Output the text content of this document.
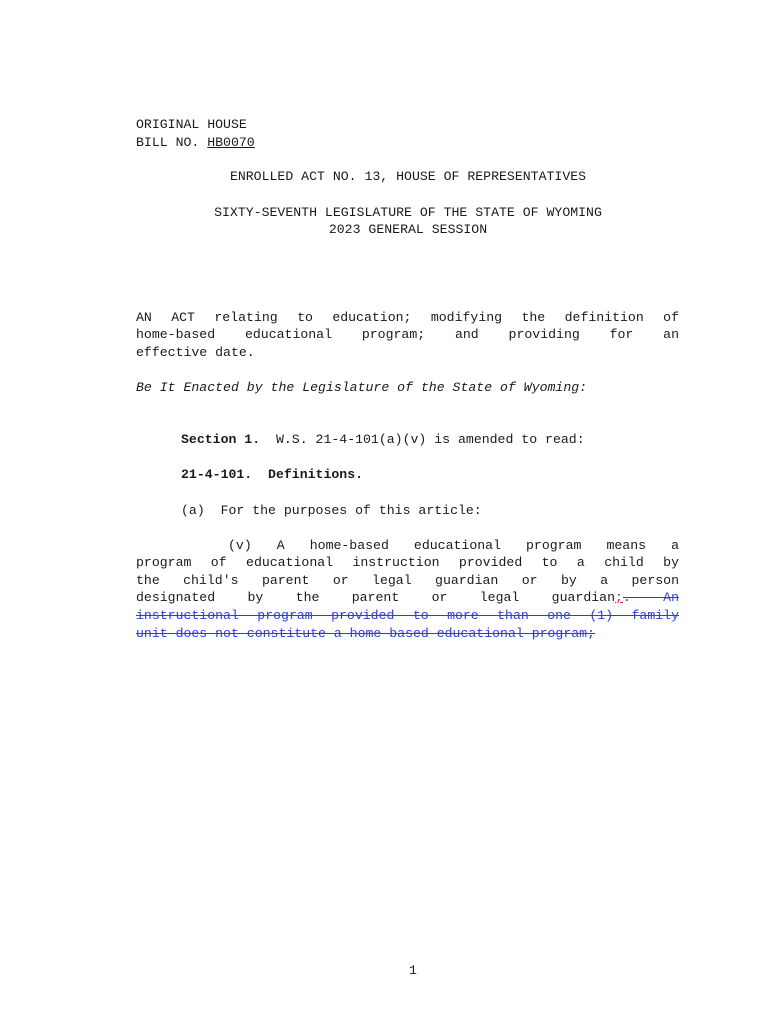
ORIGINAL HOUSE
BILL NO. HB0070
ENROLLED ACT NO. 13, HOUSE OF REPRESENTATIVES
SIXTY-SEVENTH LEGISLATURE OF THE STATE OF WYOMING
2023 GENERAL SESSION
AN ACT relating to education; modifying the definition of
home-based educational program; and providing for an
effective date.
Be It Enacted by the Legislature of the State of Wyoming:
Section 1.  W.S. 21-4-101(a)(v) is amended to read:
21-4-101.  Definitions.
(a)  For the purposes of this article:
(v) A home-based educational program means a
program of educational instruction provided to a child by
the child's parent or legal guardian or by a person
designated by the parent or legal guardian;. An
instructional program provided to more than one (1) family
unit does not constitute a home based educational program;
1
